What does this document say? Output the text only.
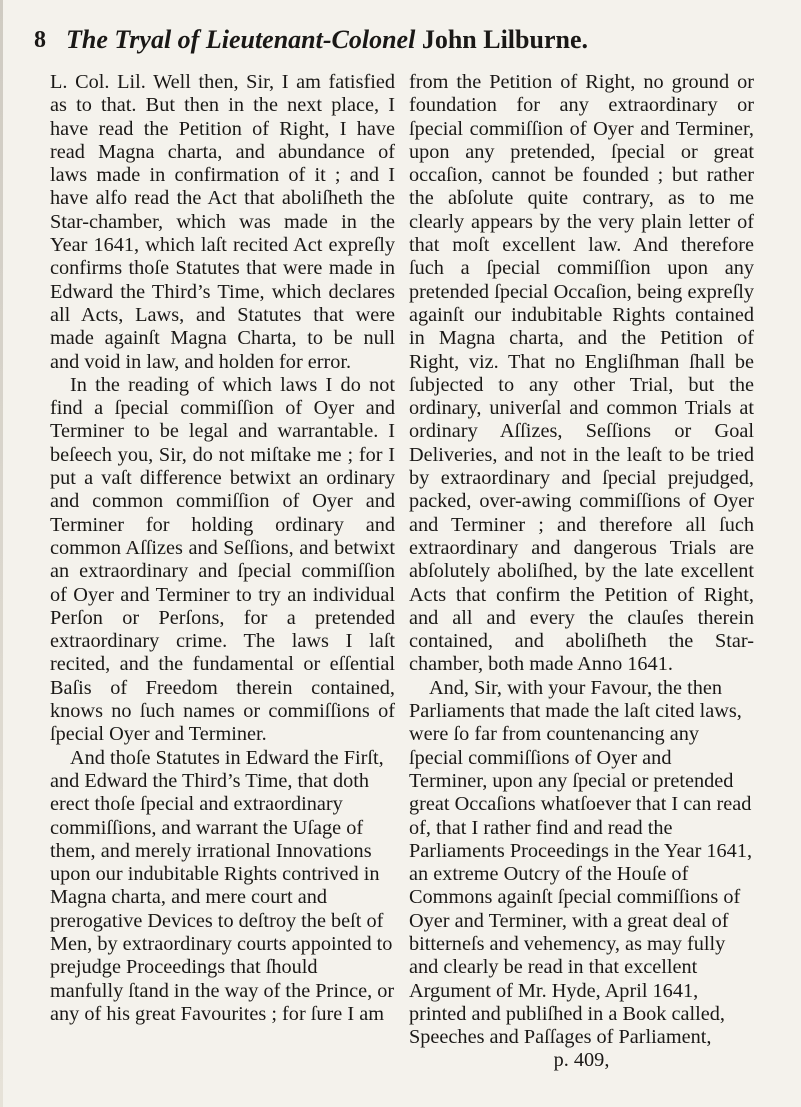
8 The Tryal of Lieutenant-Colonel John Lilburne.

L. Col. Lil. Well then, Sir, I am fatisfied as to that. But then in the next place, I have read the Petition of Right, I have read Magna charta, and abundance of laws made in confirmation of it ; and I have alfo read the Act that aboliſheth the Star-chamber, which was made in the Year 1641, which laſt recited Act expreſly confirms thoſe Statutes that were made in Edward the Third’s Time, which declares all Acts, Laws, and Statutes that were made againſt Magna Charta, to be null and void in law, and holden for error.

In the reading of which laws I do not find a ſpecial commiſſion of Oyer and Terminer to be legal and warrantable. I beſeech you, Sir, do not miſtake me ; for I put a vaſt difference betwixt an ordinary and common commiſſion of Oyer and Terminer for holding ordinary and common Aſſizes and Seſſions, and betwixt an extraordinary and ſpecial commiſſion of Oyer and Terminer to try an individual Perſon or Perſons, for a pretended extraordinary crime. The laws I laſt recited, and the fundamental or eſſential Baſis of Freedom therein contained, knows no ſuch names or commiſſions of ſpecial Oyer and Terminer.

And thoſe Statutes in Edward the Firſt, and Edward the Third’s Time, that doth erect thoſe ſpecial and extraordinary commiſſions, and warrant the Uſage of them, and merely irrational Innovations upon our indubitable Rights contrived in Magna charta, and mere court and prerogative Devices to deſtroy the beſt of Men, by extraordinary courts appointed to prejudge Proceedings that ſhould manfully ſtand in the way of the Prince, or any of his great Favourites ; for ſure I am

from the Petition of Right, no ground or foundation for any extraordinary or ſpecial commiſſion of Oyer and Terminer, upon any pretended, ſpecial or great occaſion, cannot be founded ; but rather the abſolute quite contrary, as to me clearly appears by the very plain letter of that moſt excellent law. And therefore ſuch a ſpecial commiſſion upon any pretended ſpecial Occaſion, being expreſly againſt our indubitable Rights contained in Magna charta, and the Petition of Right, viz. That no Engliſhman ſhall be ſubjected to any other Trial, but the ordinary, univerſal and common Trials at ordinary Aſſizes, Seſſions or Goal Deliveries, and not in the leaſt to be tried by extraordinary and ſpecial prejudged, packed, over-awing commiſſions of Oyer and Terminer ; and therefore all ſuch extraordinary and dangerous Trials are abſolutely aboliſhed, by the late excellent Acts that confirm the Petition of Right, and all and every the clauſes therein contained, and aboliſheth the Star-chamber, both made Anno 1641.

And, Sir, with your Favour, the then Parliaments that made the laſt cited laws, were ſo far from countenancing any ſpecial commiſſions of Oyer and Terminer, upon any ſpecial or pretended great Occaſions whatſoever that I can read of, that I rather find and read the Parliaments Proceedings in the Year 1641, an extreme Outcry of the Houſe of Commons againſt ſpecial commiſſions of Oyer and Terminer, with a great deal of bitterneſs and vehemency, as may fully and clearly be read in that excellent Argument of Mr. Hyde, April 1641, printed and publiſhed in a Book called, Speeches and Paſſages of Parliament,

p. 409,
